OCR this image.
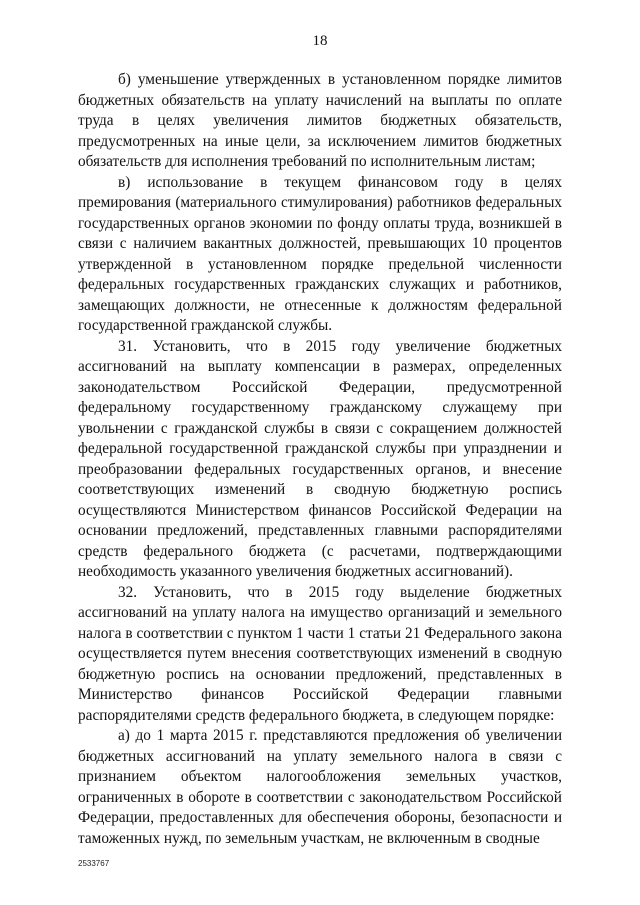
18

б) уменьшение утвержденных в установленном порядке лимитов бюджетных обязательств на уплату начислений на выплаты по оплате труда в целях увеличения лимитов бюджетных обязательств, предусмотренных на иные цели, за исключением лимитов бюджетных обязательств для исполнения требований по исполнительным листам;

в) использование в текущем финансовом году в целях премирования (материального стимулирования) работников федеральных государственных органов экономии по фонду оплаты труда, возникшей в связи с наличием вакантных должностей, превышающих 10 процентов утвержденной в установленном порядке предельной численности федеральных государственных гражданских служащих и работников, замещающих должности, не отнесенные к должностям федеральной государственной гражданской службы.

31. Установить, что в 2015 году увеличение бюджетных ассигнований на выплату компенсации в размерах, определенных законодательством Российской Федерации, предусмотренной федеральному государственному гражданскому служащему при увольнении с гражданской службы в связи с сокращением должностей федеральной государственной гражданской службы при упразднении и преобразовании федеральных государственных органов, и внесение соответствующих изменений в сводную бюджетную роспись осуществляются Министерством финансов Российской Федерации на основании предложений, представленных главными распорядителями средств федерального бюджета (с расчетами, подтверждающими необходимость указанного увеличения бюджетных ассигнований).

32. Установить, что в 2015 году выделение бюджетных ассигнований на уплату налога на имущество организаций и земельного налога в соответствии с пунктом 1 части 1 статьи 21 Федерального закона осуществляется путем внесения соответствующих изменений в сводную бюджетную роспись на основании предложений, представленных в Министерство финансов Российской Федерации главными распорядителями средств федерального бюджета, в следующем порядке:

а) до 1 марта 2015 г. представляются предложения об увеличении бюджетных ассигнований на уплату земельного налога в связи с признанием объектом налогообложения земельных участков, ограниченных в обороте в соответствии с законодательством Российской Федерации, предоставленных для обеспечения обороны, безопасности и таможенных нужд, по земельным участкам, не включенным в сводные

2533767
